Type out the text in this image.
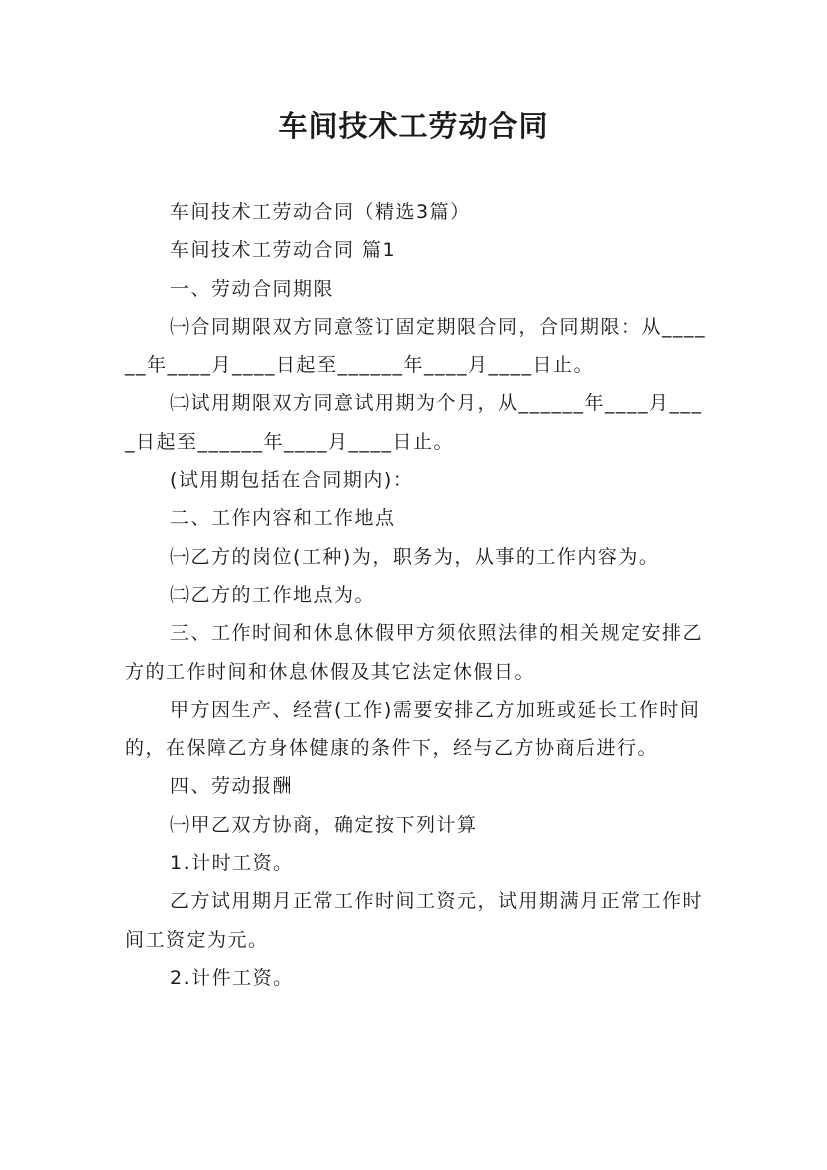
车间技术工劳动合同

车间技术工劳动合同（精选3篇）

车间技术工劳动合同 篇1

一、劳动合同期限

㈠合同期限双方同意签订固定期限合同，合同期限：从______年____月____日起至______年____月____日止。

㈡试用期限双方同意试用期为个月，从______年____月____日起至______年____月____日止。

(试用期包括在合同期内)：

二、工作内容和工作地点

㈠乙方的岗位(工种)为，职务为，从事的工作内容为。

㈡乙方的工作地点为。

三、工作时间和休息休假甲方须依照法律的相关规定安排乙方的工作时间和休息休假及其它法定休假日。

甲方因生产、经营(工作)需要安排乙方加班或延长工作时间的，在保障乙方身体健康的条件下，经与乙方协商后进行。

四、劳动报酬

㈠甲乙双方协商，确定按下列计算

1.计时工资。

乙方试用期月正常工作时间工资元，试用期满月正常工作时间工资定为元。

2.计件工资。
